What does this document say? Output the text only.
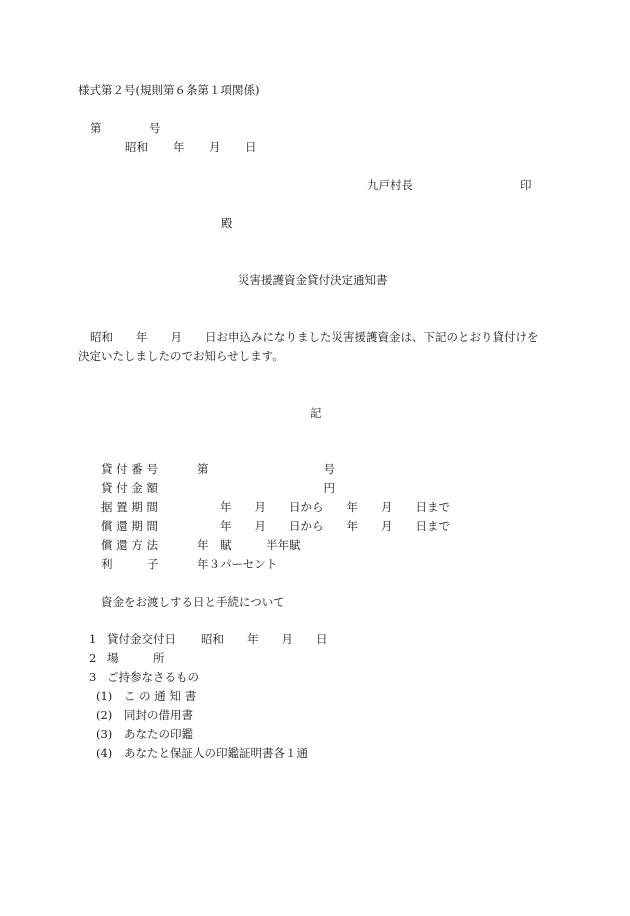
様式第２号(規則第６条第１項関係)
第	号
昭和 年 月 日
九戸村長	印
殿
災害援護資金貸付決定通知書
昭和　　年　　月　　日お申込みになりました災害援護資金は、下記のとおり貸付けを
決定いたしましたのでお知らせします。
記
貸 付 番 号	第　　　　　　　　　　号
貸 付 金 額	　　　　　　　　　　　円
据 置 期 間 　　　　年　　月　　日から　　年　　月　　日まで
償 還 期 間 　　　　年　　月　　日から　　年　　月　　日まで
償 還 方 法	年　賦　　　半年賦
利　　　子	年３パーセント
資金をお渡しする日と手続について
1 貸付金交付日 昭和　　年　　月　　日
2 場　　　所
3 ご持参なさるもの
(1) こ の 通 知 書
(2) 同封の借用書
(3) あなたの印鑑
(4) あなたと保証人の印鑑証明書各１通
